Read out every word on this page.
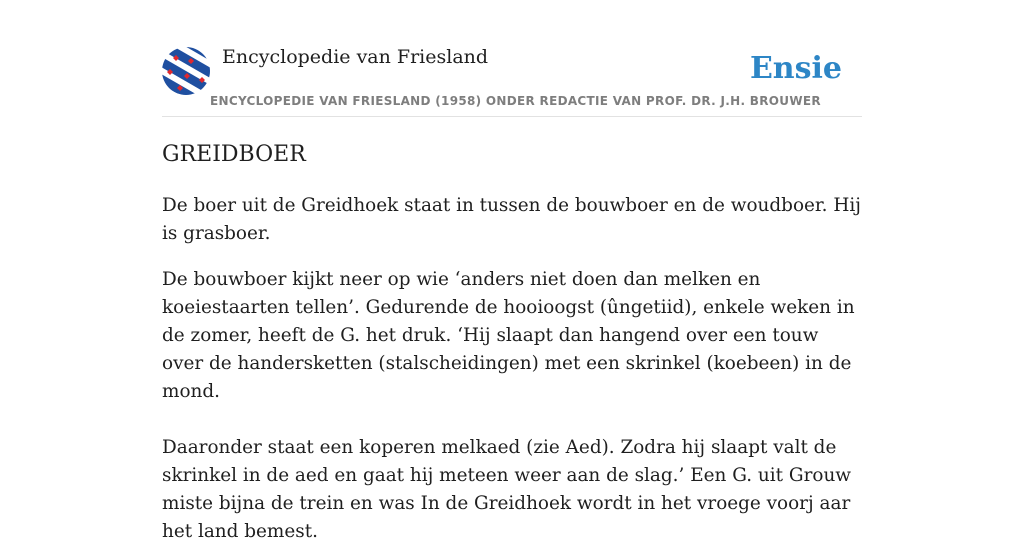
Encyclopedie van Friesland
ENCYCLOPEDIE VAN FRIESLAND (1958) ONDER REDACTIE VAN PROF. DR. J.H. BROUWER
Ensie
GREIDBOER

De boer uit de Greidhoek staat in tussen de bouwboer en de woudboer. Hij is grasboer.

De bouwboer kijkt neer op wie ‘anders niet doen dan melken en koeiestaarten tellen’. Gedurende de hooioogst (ûngetiid), enkele weken in de zomer, heeft de G. het druk. ‘Hij slaapt dan hangend over een touw over de handersketten (stalscheidingen) met een skrinkel (koebeen) in de mond.

Daaronder staat een koperen melkaed (zie Aed). Zodra hij slaapt valt de skrinkel in de aed en gaat hij meteen weer aan de slag.’ Een G. uit Grouw miste bijna de trein en was In de Greidhoek wordt in het vroege voorj aar het land bemest.
